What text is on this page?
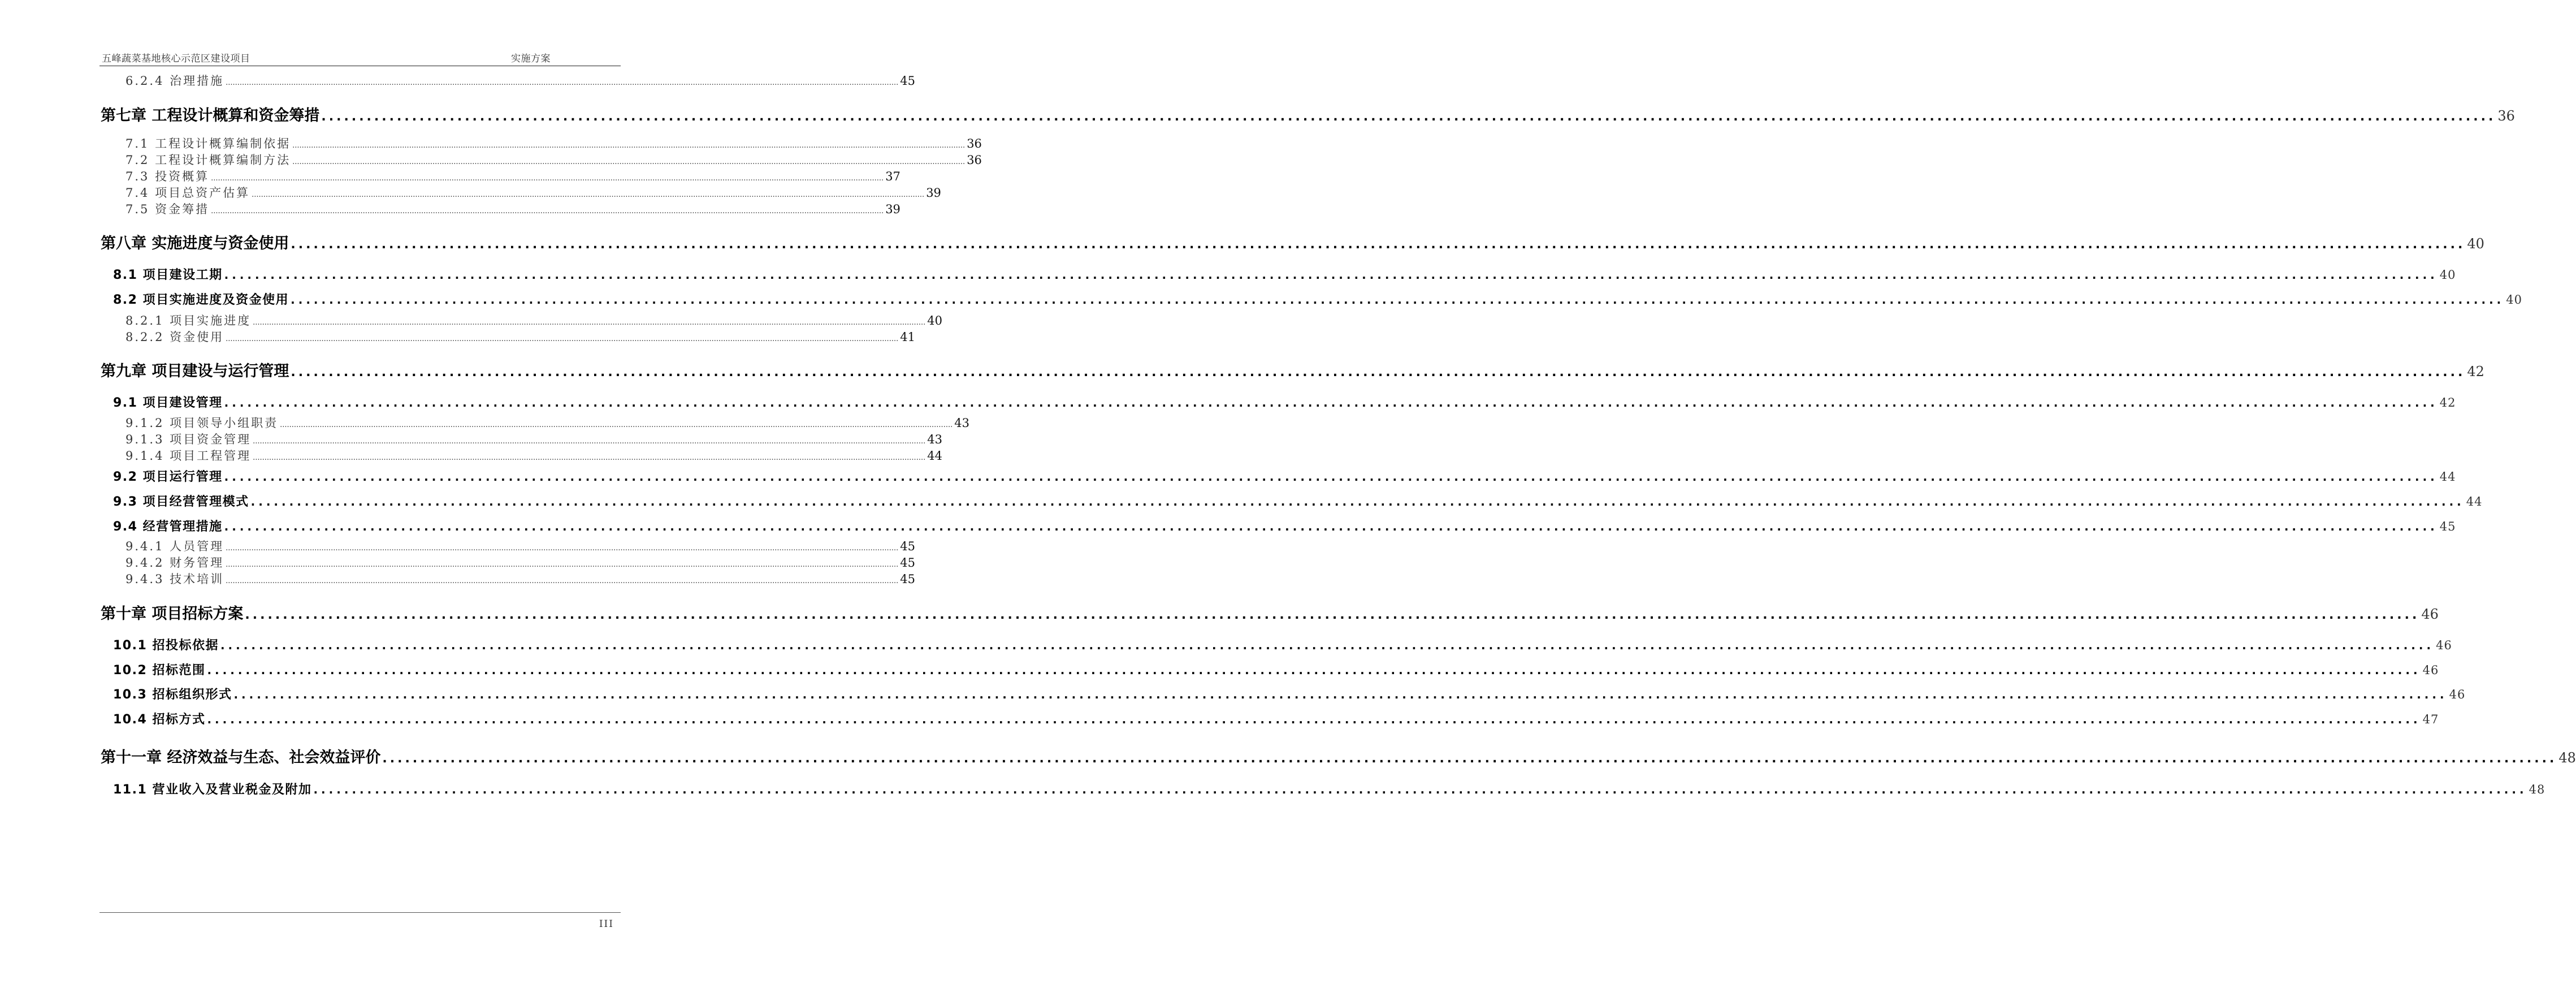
五峰蔬菜基地核心示范区建设项目	实施方案
6.2.4 治理措施 ................................................................................................................................................................................................................................................................................................ 45
第七章 工程设计概算和资金筹措 ................................................................................................................................................................................................................................................................................................ 36
7.1 工程设计概算编制依据 ................................................................................................................................................................................................................................................................................................ 36
7.2 工程设计概算编制方法 ................................................................................................................................................................................................................................................................................................ 36
7.3 投资概算 ................................................................................................................................................................................................................................................................................................ 37
7.4 项目总资产估算 ................................................................................................................................................................................................................................................................................................ 39
7.5 资金筹措 ................................................................................................................................................................................................................................................................................................ 39
第八章 实施进度与资金使用 ................................................................................................................................................................................................................................................................................................ 40
8.1 项目建设工期 ................................................................................................................................................................................................................................................................................................ 40
8.2 项目实施进度及资金使用 ................................................................................................................................................................................................................................................................................................ 40
8.2.1 项目实施进度 ................................................................................................................................................................................................................................................................................................ 40
8.2.2 资金使用 ................................................................................................................................................................................................................................................................................................ 41
第九章 项目建设与运行管理 ................................................................................................................................................................................................................................................................................................ 42
9.1 项目建设管理 ................................................................................................................................................................................................................................................................................................ 42
9.1.2 项目领导小组职责 ................................................................................................................................................................................................................................................................................................ 43
9.1.3 项目资金管理 ................................................................................................................................................................................................................................................................................................ 43
9.1.4 项目工程管理 ................................................................................................................................................................................................................................................................................................ 44
9.2 项目运行管理 ................................................................................................................................................................................................................................................................................................ 44
9.3 项目经营管理模式 ................................................................................................................................................................................................................................................................................................ 44
9.4 经营管理措施 ................................................................................................................................................................................................................................................................................................ 45
9.4.1 人员管理 ................................................................................................................................................................................................................................................................................................ 45
9.4.2 财务管理 ................................................................................................................................................................................................................................................................................................ 45
9.4.3 技术培训 ................................................................................................................................................................................................................................................................................................ 45
第十章 项目招标方案 ................................................................................................................................................................................................................................................................................................ 46
10.1 招投标依据 ................................................................................................................................................................................................................................................................................................ 46
10.2 招标范围 ................................................................................................................................................................................................................................................................................................ 46
10.3 招标组织形式 ................................................................................................................................................................................................................................................................................................ 46
10.4 招标方式 ................................................................................................................................................................................................................................................................................................ 47
第十一章 经济效益与生态、社会效益评价 ................................................................................................................................................................................................................................................................................................ 48
11.1 营业收入及营业税金及附加 ................................................................................................................................................................................................................................................................................................ 48
III
